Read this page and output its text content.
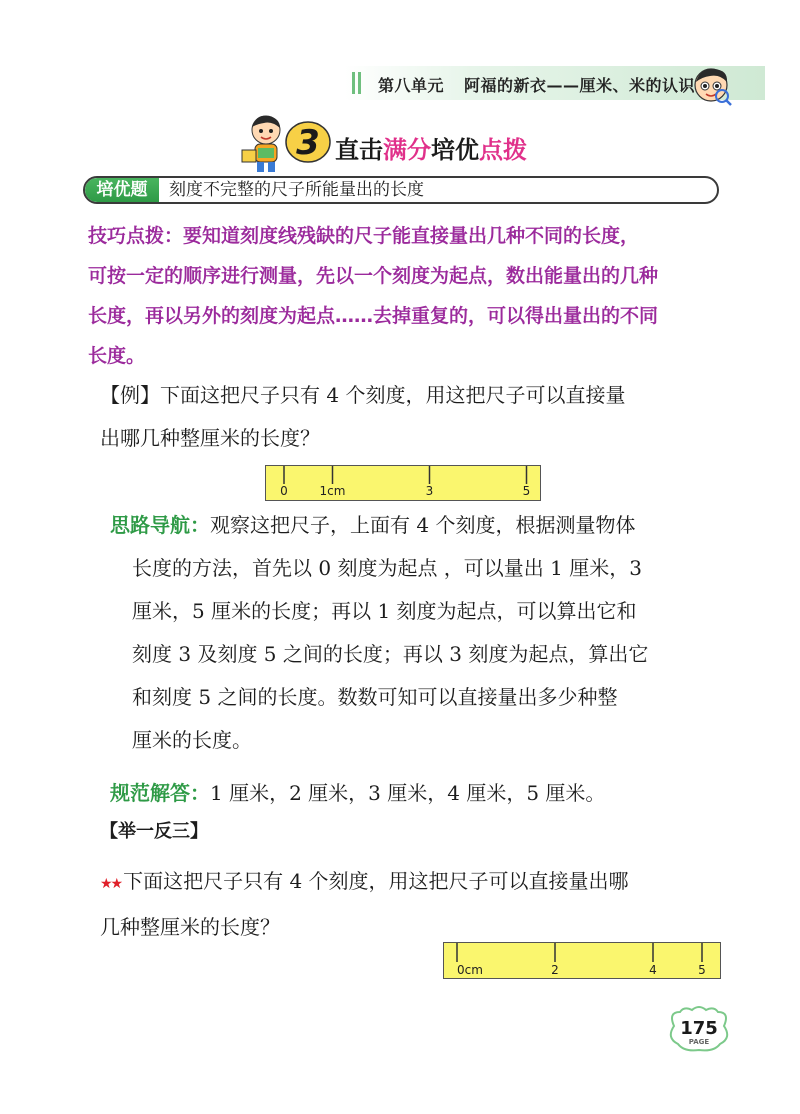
第八单元 阿福的新衣——厘米、米的认识
3 直击满分培优点拨
培优题	刻度不完整的尺子所能量出的长度

技巧点拨：要知道刻度线残缺的尺子能直接量出几种不同的长度，

可按一定的顺序进行测量，先以一个刻度为起点，数出能量出的几种

长度，再以另外的刻度为起点……去掉重复的，可以得出量出的不同

长度。

【例】下面这把尺子只有 4 个刻度，用这把尺子可以直接量

出哪几种整厘米的长度？

0	1cm	3	5

思路导航：观察这把尺子，上面有 4 个刻度，根据测量物体

长度的方法，首先以 0 刻度为起点 ，可以量出 1 厘米，3

厘米，5 厘米的长度；再以 1 刻度为起点，可以算出它和

刻度 3 及刻度 5 之间的长度；再以 3 刻度为起点，算出它

和刻度 5 之间的长度。数数可知可以直接量出多少种整

厘米的长度。

规范解答：1 厘米，2 厘米，3 厘米，4 厘米，5 厘米。

【举一反三】

★★ 下面这把尺子只有 4 个刻度，用这把尺子可以直接量出哪

几种整厘米的长度？

0cm	2	4	5
175
PAGE
